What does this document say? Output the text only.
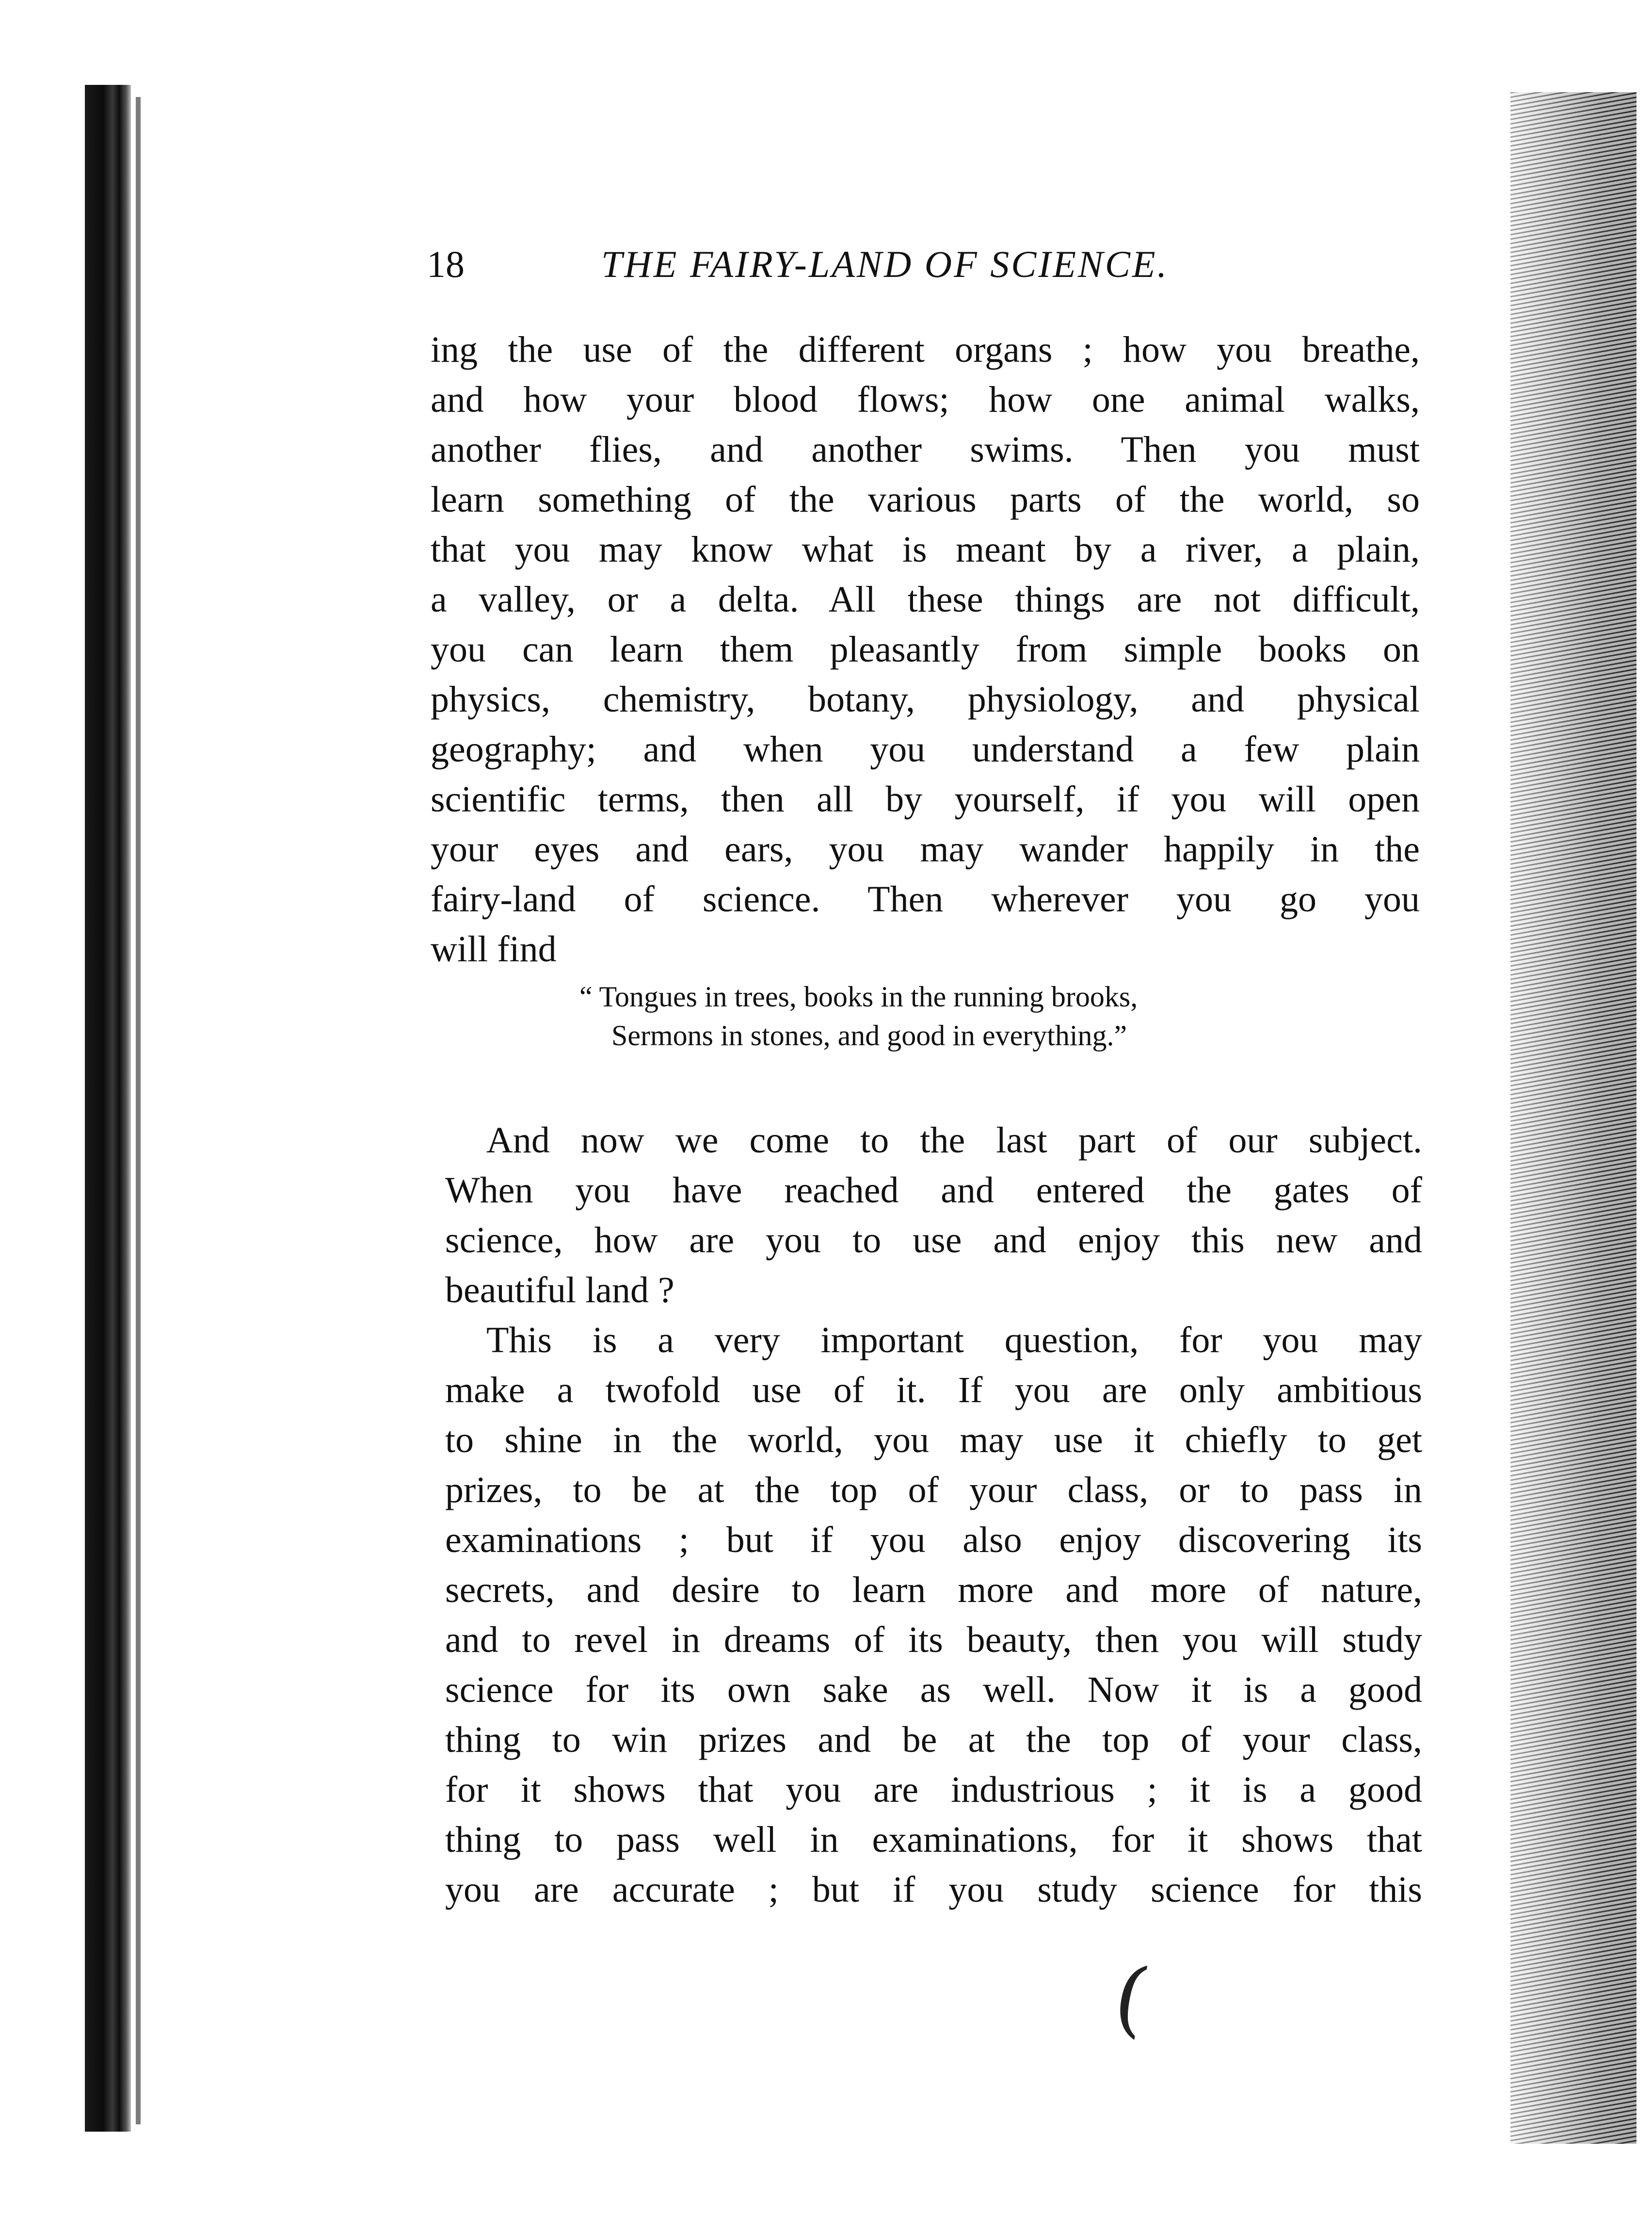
18	THE FAIRY-LAND OF SCIENCE.
ing the use of the different organs ; how you breathe,
and how your blood flows; how one animal walks,
another flies, and another swims. Then you must
learn something of the various parts of the world, so
that you may know what is meant by a river, a plain,
a valley, or a delta. All these things are not difficult,
you can learn them pleasantly from simple books on
physics, chemistry, botany, physiology, and physical
geography; and when you understand a few plain
scientific terms, then all by yourself, if you will open
your eyes and ears, you may wander happily in the
fairy-land of science. Then wherever you go you
will find
“ Tongues in trees, books in the running brooks,
Sermons in stones, and good in everything.”
And now we come to the last part of our subject.
When you have reached and entered the gates of
science, how are you to use and enjoy this new and
beautiful land ?
This is a very important question, for you may
make a twofold use of it. If you are only ambitious
to shine in the world, you may use it chiefly to get
prizes, to be at the top of your class, or to pass in
examinations ; but if you also enjoy discovering its
secrets, and desire to learn more and more of nature,
and to revel in dreams of its beauty, then you will study
science for its own sake as well. Now it is a good
thing to win prizes and be at the top of your class,
for it shows that you are industrious ; it is a good
thing to pass well in examinations, for it shows that
you are accurate ; but if you study science for this
(
